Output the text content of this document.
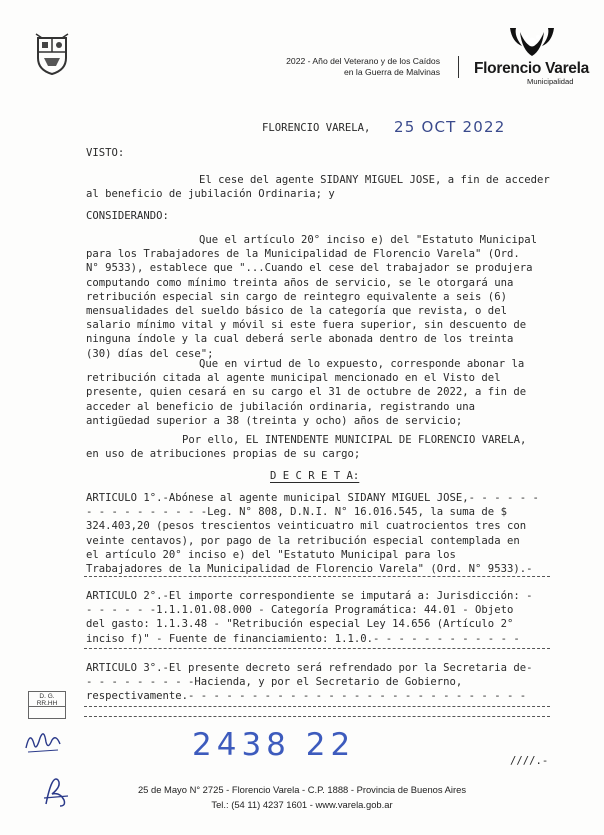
2022 - Año del Veterano y de los Caídos
en la Guerra de Malvinas Florencio Varela
Municipalidad
FLORENCIO VARELA, 25 OCT 2022
VISTO:
El cese del agente SIDANY MIGUEL JOSE, a fin de acceder
al beneficio de jubilación Ordinaria; y
CONSIDERANDO:
Que el artículo 20° inciso e) del "Estatuto Municipal
para los Trabajadores de la Municipalidad de Florencio Varela" (Ord.
N° 9533), establece que "...Cuando el cese del trabajador se produjera
computando como mínimo treinta años de servicio, se le otorgará una
retribución especial sin cargo de reintegro equivalente a seis (6)
mensualidades del sueldo básico de la categoría que revista, o del
salario mínimo vital y móvil si este fuera superior, sin descuento de
ninguna índole y la cual deberá serle abonada dentro de los treinta
(30) días del cese";
Que en virtud de lo expuesto, corresponde abonar la
retribución citada al agente municipal mencionado en el Visto del
presente, quien cesará en su cargo el 31 de octubre de 2022, a fin de
acceder al beneficio de jubilación ordinaria, registrando una
antigüedad superior a 38 (treinta y ocho) años de servicio;
Por ello, EL INTENDENTE MUNICIPAL DE FLORENCIO VARELA,
en uso de atribuciones propias de su cargo;
D E C R E T A:
ARTICULO 1°.-Abónese al agente municipal SIDANY MIGUEL JOSE,- - - - - -
- - - - - - - - - -Leg. N° 808, D.N.I. N° 16.016.545, la suma de $
324.403,20 (pesos trescientos veinticuatro mil cuatrocientos tres con
veinte centavos), por pago de la retribución especial contemplada en
el artículo 20° inciso e) del "Estatuto Municipal para los
Trabajadores de la Municipalidad de Florencio Varela" (Ord. N° 9533).-
ARTICULO 2°.-El importe correspondiente se imputará a: Jurisdicción: -
- - - - - -1.1.1.01.08.000 - Categoría Programática: 44.01 - Objeto
del gasto: 1.1.3.48 - "Retribución especial Ley 14.656 (Artículo 2°
inciso f)" - Fuente de financiamiento: 1.1.0.- - - - - - - - - - - -
ARTICULO 3°.-El presente decreto será refrendado por la Secretaria de-
- - - - - - - - -Hacienda, y por el Secretario de Gobierno,
respectivamente.- - - - - - - - - - - - - - - - - - - - - - - - - - -
D. G.
RR.HH
2438 22	////.-
25 de Mayo N° 2725 - Florencio Varela - C.P. 1888 - Provincia de Buenos Aires
Tel.: (54 11) 4237 1601 - www.varela.gob.ar
